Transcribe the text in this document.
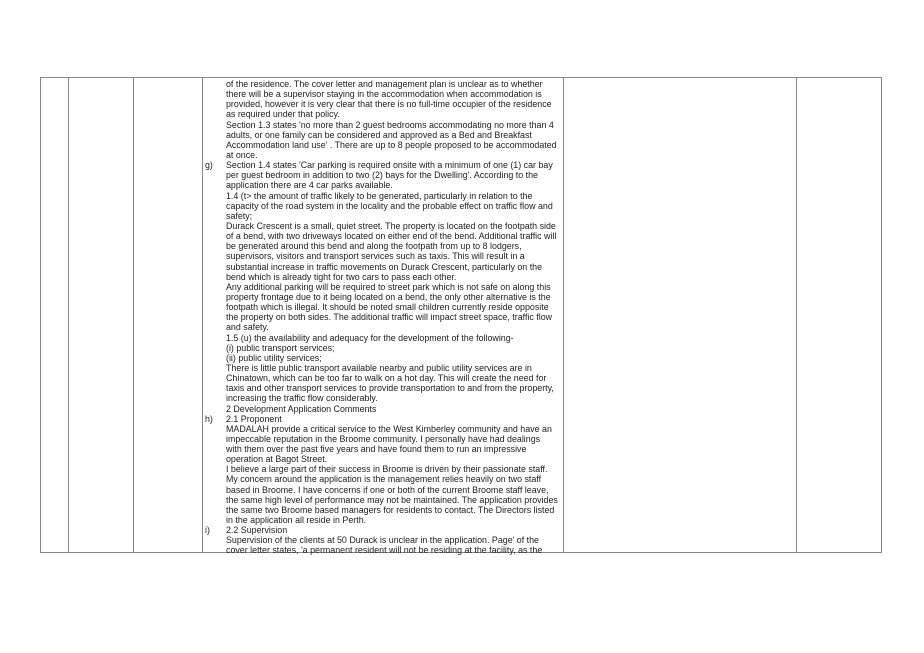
of the residence. The cover letter and management plan is unclear as to whether
there will be a supervisor staying in the accommodation when accommodation is
provided, however it is very clear that there is no full-time occupier of the residence
as required under that policy.
Section 1.3 states 'no more than 2 guest bedrooms accommodating no more than 4
adults, or one family can be considered and approved as a Bed and Breakfast
Accommodation land use' . There are up to 8 people proposed to be accommodated
at once.
g) Section 1.4 states 'Car parking is required onsite with a minimum of one (1) car bay
per guest bedroom in addition to two (2) bays for the Dwelling'. According to the
application there are 4 car parks available.
1.4 (t> the amount of traffic likely to be generated, particularly in relation to the
capacity of the road system in the locality and the probable effect on traffic flow and
safety;
Durack Crescent is a small, quiet street. The property is located on the footpath side
of a bend, with two driveways located on either end of the bend. Additional traffic will
be generated around this bend and along the footpath from up to 8 lodgers,
supervisors, visitors and transport services such as taxis. This will result in a
substantial increase in traffic movements on Durack Crescent, particularly on the
bend which is already tight for two cars to pass each other.
Any additional parking will be required to street park which is not safe on along this
property frontage due to it being located on a bend, the only other alternative is the
footpath which is illegal. It should be noted small children currently reside opposite
the property on both sides. The additional traffic will impact street space, traffic flow
and safety.
1.5 (u) the availability and adequacy for the development of the following-
(i) public transport services;
(ii) public utility services;
There is little public transport available nearby and public utility services are in
Chinatown, which can be too far to walk on a hot day. This will create the need for
taxis and other transport services to provide transportation to and from the property,
increasing the traffic flow considerably.
2 Development Application Comments
h) 2.1 Proponent
MADALAH provide a critical service to the West Kimberley community and have an
impeccable reputation in the Broome community. I personally have had dealings
with them over the past five years and have found them to run an impressive
operation at Bagot Street.
I believe a large part of their success in Broome is driven by their passionate staff.
My concern around the application is the management relies heavily on two staff
based in Broome. I have concerns if one or both of the current Broome staff leave,
the same high level of performance may not be maintained. The application provides
the same two Broome based managers for residents to contact. The Directors listed
in the application all reside in Perth.
i) 2.2 Supervision
Supervision of the clients at 50 Durack is unclear in the application. Page' of the
cover letter states, 'a permanent resident will not be residing at the facility, as the
